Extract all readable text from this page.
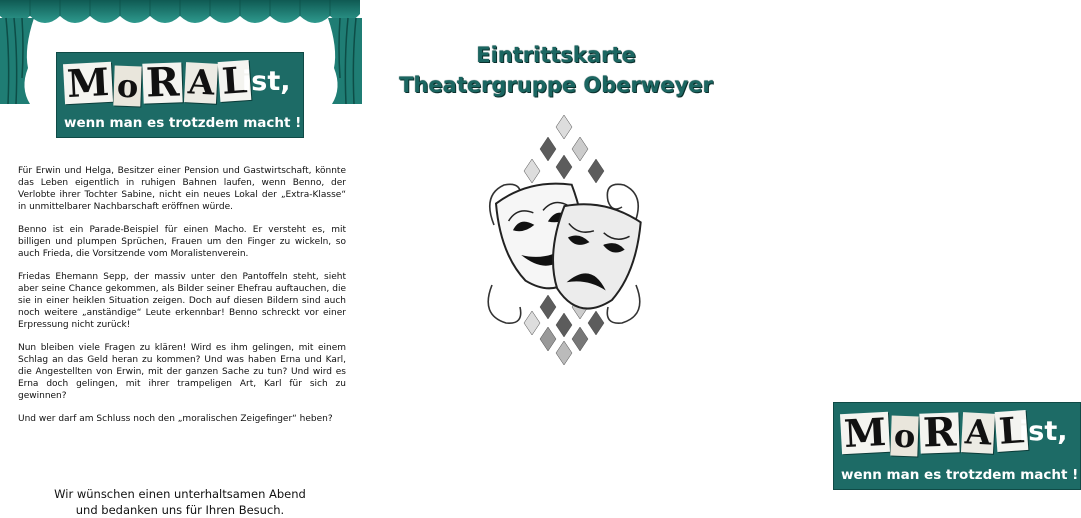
M o R A L
ist,
wenn man es trotzdem macht !

Für Erwin und Helga, Besitzer einer Pension und Gastwirtschaft, könnte das Leben eigentlich in ruhigen Bahnen laufen, wenn Benno, der Verlobte ihrer Tochter Sabine, nicht ein neues Lokal der „Extra-Klasse“ in unmittelbarer Nachbarschaft eröffnen würde.

Benno ist ein Parade-Beispiel für einen Macho. Er versteht es, mit billigen und plumpen Sprüchen, Frauen um den Finger zu wickeln, so auch Frieda, die Vorsitzende vom Moralistenverein.

Friedas Ehemann Sepp, der massiv unter den Pantoffeln steht, sieht aber seine Chance gekommen, als Bilder seiner Ehefrau auftauchen, die sie in einer heiklen Situation zeigen. Doch auf diesen Bildern sind auch noch weitere „anständige“ Leute erkennbar! Benno schreckt vor einer Erpressung nicht zurück!

Nun bleiben viele Fragen zu klären! Wird es ihm gelingen, mit einem Schlag an das Geld heran zu kommen? Und was haben Erna und Karl, die Angestellten von Erwin, mit der ganzen Sache zu tun? Und wird es Erna doch gelingen, mit ihrer trampeligen Art, Karl für sich zu gewinnen?

Und wer darf am Schluss noch den „moralischen Zeigefinger“ heben?

Wir wünschen einen unterhaltsamen Abend
und bedanken uns für Ihren Besuch.
Eintrittskarte
Theatergruppe Oberweyer
M o R A L
ist,
wenn man es trotzdem macht !
